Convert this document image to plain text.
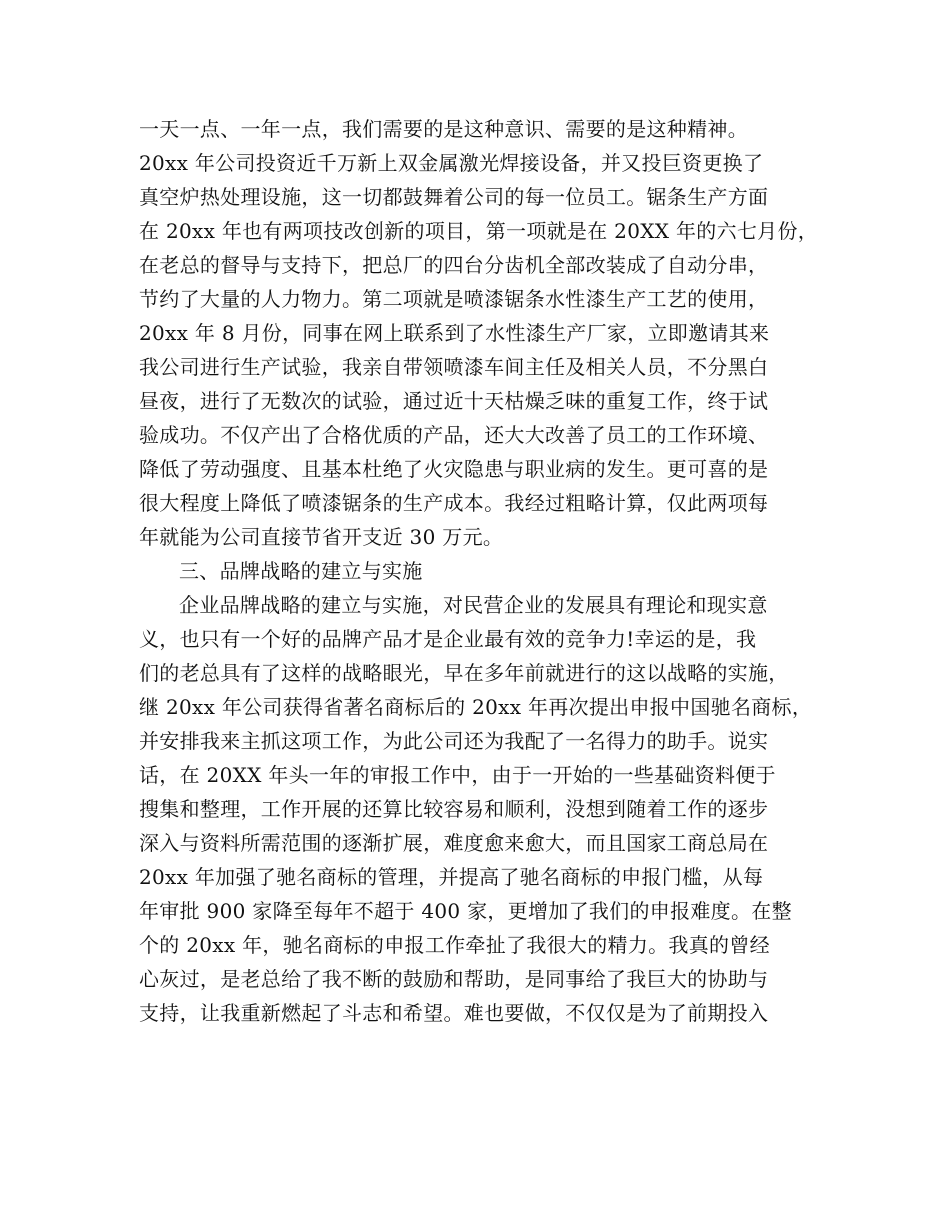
一天一点、一年一点，我们需要的是这种意识、需要的是这种精神。
20xx 年公司投资近千万新上双金属激光焊接设备，并又投巨资更换了
真空炉热处理设施，这一切都鼓舞着公司的每一位员工。锯条生产方面
在 20xx 年也有两项技改创新的项目，第一项就是在 20XX 年的六七月份，
在老总的督导与支持下，把总厂的四台分齿机全部改装成了自动分串，
节约了大量的人力物力。第二项就是喷漆锯条水性漆生产工艺的使用，
20xx 年 8 月份，同事在网上联系到了水性漆生产厂家，立即邀请其来
我公司进行生产试验，我亲自带领喷漆车间主任及相关人员，不分黑白
昼夜，进行了无数次的试验，通过近十天枯燥乏味的重复工作，终于试
验成功。不仅产出了合格优质的产品，还大大改善了员工的工作环境、
降低了劳动强度、且基本杜绝了火灾隐患与职业病的发生。更可喜的是
很大程度上降低了喷漆锯条的生产成本。我经过粗略计算，仅此两项每
年就能为公司直接节省开支近 30 万元。
三、品牌战略的建立与实施
企业品牌战略的建立与实施，对民营企业的发展具有理论和现实意
义，也只有一个好的品牌产品才是企业最有效的竞争力!幸运的是，我
们的老总具有了这样的战略眼光，早在多年前就进行的这以战略的实施，
继 20xx 年公司获得省著名商标后的 20xx 年再次提出申报中国驰名商标，
并安排我来主抓这项工作，为此公司还为我配了一名得力的助手。说实
话，在 20XX 年头一年的审报工作中，由于一开始的一些基础资料便于
搜集和整理，工作开展的还算比较容易和顺利，没想到随着工作的逐步
深入与资料所需范围的逐渐扩展，难度愈来愈大，而且国家工商总局在
20xx 年加强了驰名商标的管理，并提高了驰名商标的申报门槛，从每
年审批 900 家降至每年不超于 400 家，更增加了我们的申报难度。在整
个的 20xx 年，驰名商标的申报工作牵扯了我很大的精力。我真的曾经
心灰过，是老总给了我不断的鼓励和帮助，是同事给了我巨大的协助与
支持，让我重新燃起了斗志和希望。难也要做，不仅仅是为了前期投入
